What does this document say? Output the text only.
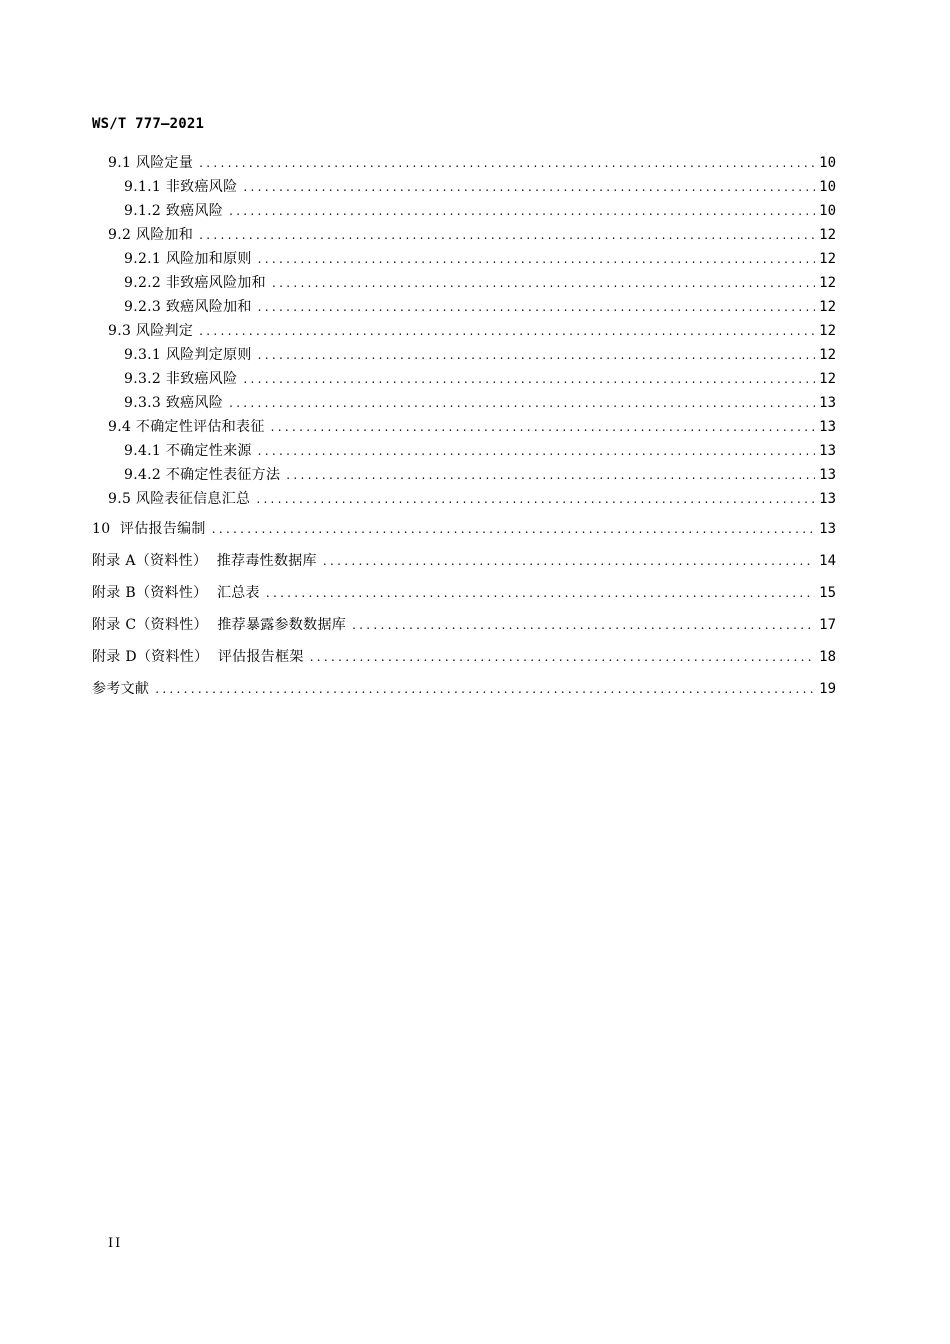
WS/T 777—2021
9.1 风险定量 .....	10
9.1.1 非致癌风险 .....	10
9.1.2 致癌风险 .....	10
9.2 风险加和 .....	12
9.2.1 风险加和原则 .....	12
9.2.2 非致癌风险加和 .....	12
9.2.3 致癌风险加和 .....	12
9.3 风险判定 .....	12
9.3.1 风险判定原则 .....	12
9.3.2 非致癌风险 .....	12
9.3.3 致癌风险 .....	13
9.4 不确定性评估和表征 .....	13
9.4.1 不确定性来源 .....	13
9.4.2 不确定性表征方法 .....	13
9.5 风险表征信息汇总 .....	13
10  评估报告编制 .....	13
附录 A（资料性）  推荐毒性数据库 .....	14
附录 B（资料性）  汇总表 .....	15
附录 C（资料性）  推荐暴露参数数据库 .....	17
附录 D（资料性）  评估报告框架 .....	18
参考文献 .....	19
II
